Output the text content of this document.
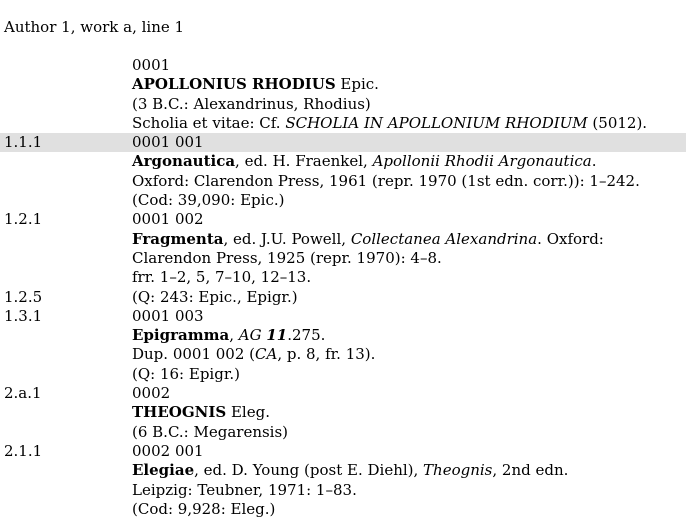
Author 1, work a, line 1
0001
APOLLONIUS RHODIUS Epic.
(3 B.C.: Alexandrinus, Rhodius)
Scholia et vitae: Cf. SCHOLIA IN APOLLONIUM RHODIUM (5012).
1.1.1	0001 001
Argonautica, ed. H. Fraenkel, Apollonii Rhodii Argonautica.
Oxford: Clarendon Press, 1961 (repr. 1970 (1st edn. corr.)): 1–242.
(Cod: 39,090: Epic.)
1.2.1	0001 002
Fragmenta, ed. J.U. Powell, Collectanea Alexandrina. Oxford:
Clarendon Press, 1925 (repr. 1970): 4–8.
frr. 1–2, 5, 7–10, 12–13.
1.2.5	(Q: 243: Epic., Epigr.)
1.3.1	0001 003
Epigramma, AG 11.275.
Dup. 0001 002 (CA, p. 8, fr. 13).
(Q: 16: Epigr.)
2.a.1	0002
THEOGNIS Eleg.
(6 B.C.: Megarensis)
2.1.1	0002 001
Elegiae, ed. D. Young (post E. Diehl), Theognis, 2nd edn.
Leipzig: Teubner, 1971: 1–83.
(Cod: 9,928: Eleg.)
